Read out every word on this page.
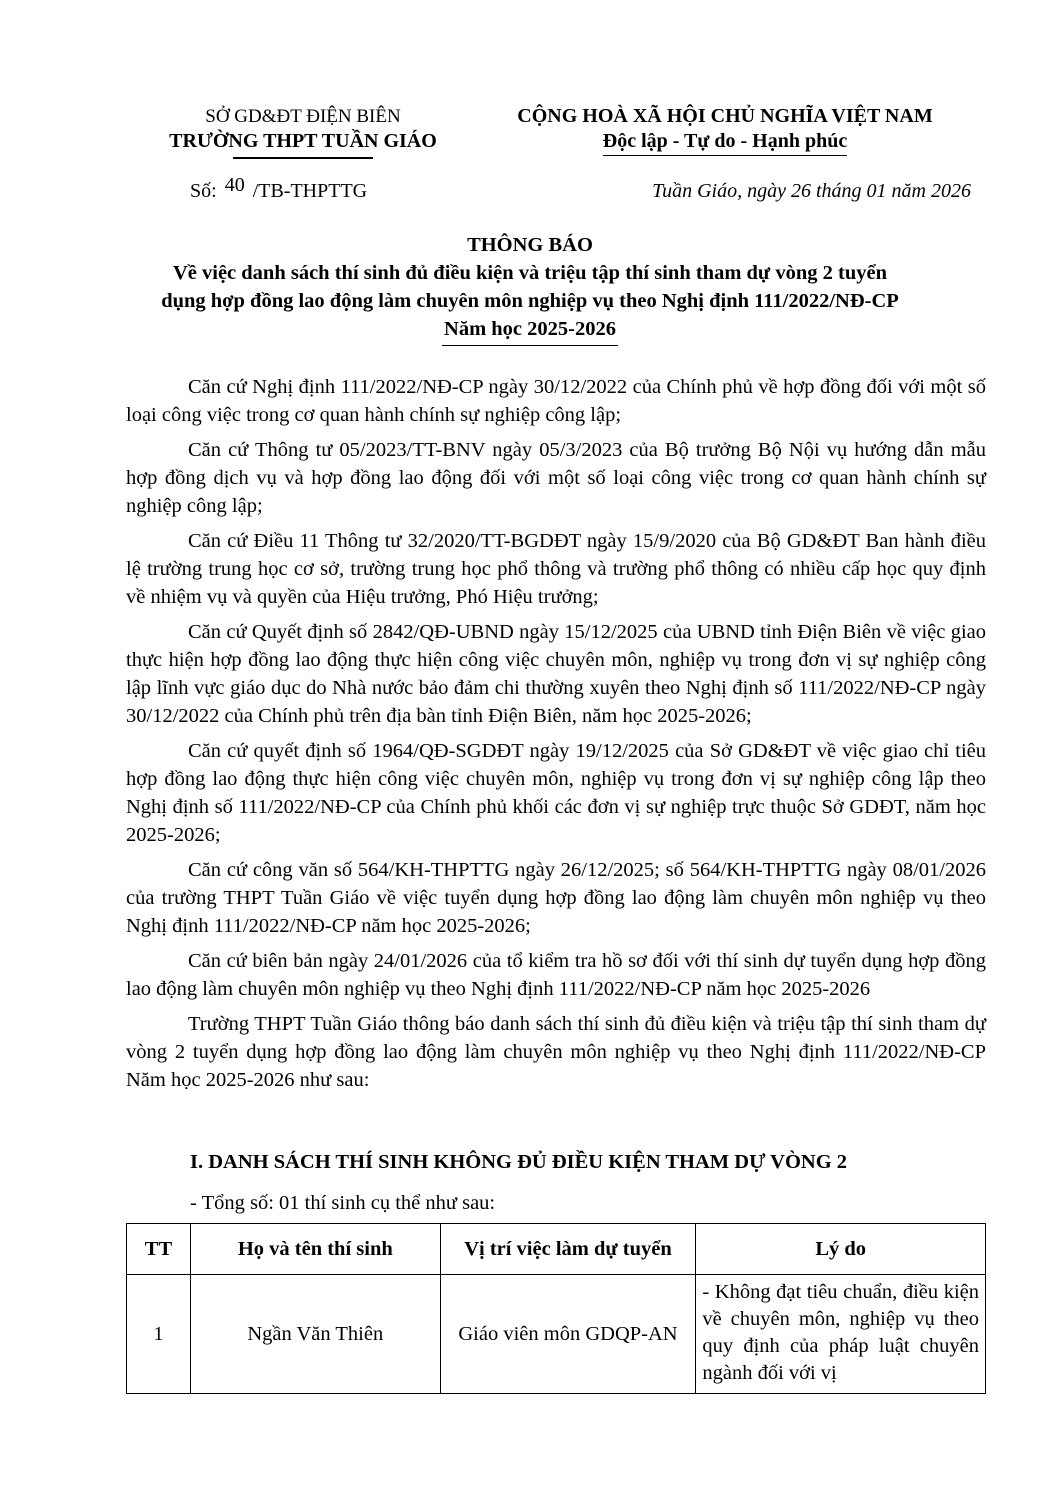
SỞ GD&ĐT ĐIỆN BIÊN
TRƯỜNG THPT TUẦN GIÁO
CỘNG HOÀ XÃ HỘI CHỦ NGHĨA VIỆT NAM
Độc lập - Tự do - Hạnh phúc
Số: 40 /TB-THPTTG	Tuần Giáo, ngày 26 tháng 01 năm 2026
THÔNG BÁO
Về việc danh sách thí sinh đủ điều kiện và triệu tập thí sinh tham dự vòng 2 tuyển
dụng hợp đồng lao động làm chuyên môn nghiệp vụ theo Nghị định 111/2022/NĐ-CP
Năm học 2025-2026

Căn cứ Nghị định 111/2022/NĐ-CP ngày 30/12/2022 của Chính phủ về hợp đồng đối với một số loại công việc trong cơ quan hành chính sự nghiệp công lập;

Căn cứ Thông tư 05/2023/TT-BNV ngày 05/3/2023 của Bộ trưởng Bộ Nội vụ hướng dẫn mẫu hợp đồng dịch vụ và hợp đồng lao động đối với một số loại công việc trong cơ quan hành chính sự nghiệp công lập;

Căn cứ Điều 11 Thông tư 32/2020/TT-BGDĐT ngày 15/9/2020 của Bộ GD&ĐT Ban hành điều lệ trường trung học cơ sở, trường trung học phổ thông và trường phổ thông có nhiều cấp học quy định về nhiệm vụ và quyền của Hiệu trưởng, Phó Hiệu trưởng;

Căn cứ Quyết định số 2842/QĐ-UBND ngày 15/12/2025 của UBND tỉnh Điện Biên về việc giao thực hiện hợp đồng lao động thực hiện công việc chuyên môn, nghiệp vụ trong đơn vị sự nghiệp công lập lĩnh vực giáo dục do Nhà nước bảo đảm chi thường xuyên theo Nghị định số 111/2022/NĐ-CP ngày 30/12/2022 của Chính phủ trên địa bàn tỉnh Điện Biên, năm học 2025-2026;

Căn cứ quyết định số 1964/QĐ-SGDĐT ngày 19/12/2025 của Sở GD&ĐT về việc giao chỉ tiêu hợp đồng lao động thực hiện công việc chuyên môn, nghiệp vụ trong đơn vị sự nghiệp công lập theo Nghị định số 111/2022/NĐ-CP của Chính phủ khối các đơn vị sự nghiệp trực thuộc Sở GDĐT, năm học 2025-2026;

Căn cứ công văn số 564/KH-THPTTG ngày 26/12/2025; số 564/KH-THPTTG ngày 08/01/2026 của trường THPT Tuần Giáo về việc tuyển dụng hợp đồng lao động làm chuyên môn nghiệp vụ theo Nghị định 111/2022/NĐ-CP năm học 2025-2026;

Căn cứ biên bản ngày 24/01/2026 của tổ kiểm tra hồ sơ đối với thí sinh dự tuyển dụng hợp đồng lao động làm chuyên môn nghiệp vụ theo Nghị định 111/2022/NĐ-CP năm học 2025-2026

Trường THPT Tuần Giáo thông báo danh sách thí sinh đủ điều kiện và triệu tập thí sinh tham dự vòng 2 tuyển dụng hợp đồng lao động làm chuyên môn nghiệp vụ theo Nghị định 111/2022/NĐ-CP Năm học 2025-2026 như sau:

I. DANH SÁCH THÍ SINH KHÔNG ĐỦ ĐIỀU KIỆN THAM DỰ VÒNG 2
- Tổng số: 01 thí sinh cụ thể như sau:
TT	Họ và tên thí sinh	Vị trí việc làm dự tuyển	Lý do
1	Ngần Văn Thiên	Giáo viên môn GDQP-AN	- Không đạt tiêu chuẩn, điều kiện về chuyên môn, nghiệp vụ theo quy định của pháp luật chuyên ngành đối với vị
